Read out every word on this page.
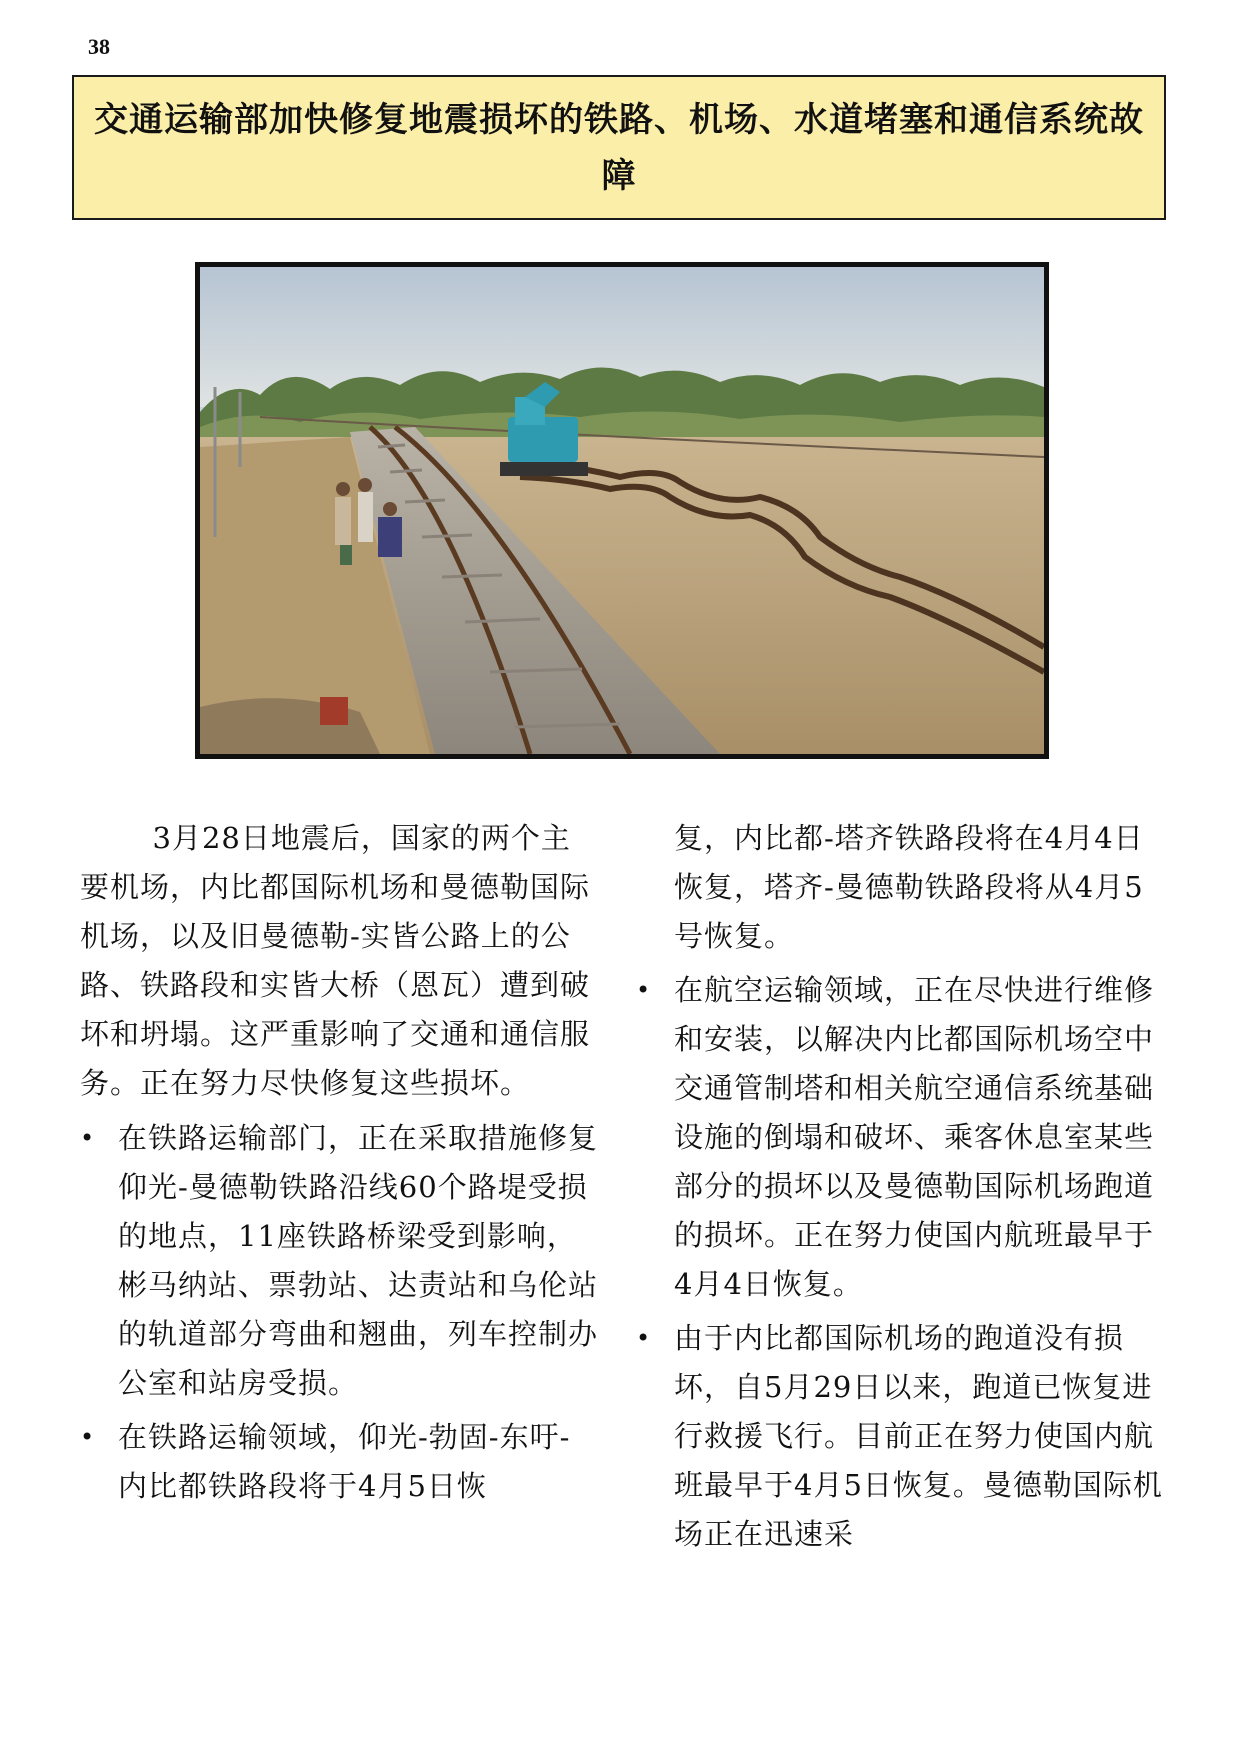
38
交通运输部加快修复地震损坏的铁路、机场、水道堵塞和通信系统故障

3月28日地震后，国家的两个主要机场，内比都国际机场和曼德勒国际机场，以及旧曼德勒-实皆公路上的公路、铁路段和实皆大桥（恩瓦）遭到破坏和坍塌。这严重影响了交通和通信服务。正在努力尽快修复这些损坏。

• 在铁路运输部门，正在采取措施修复仰光-曼德勒铁路沿线60个路堤受损的地点，11座铁路桥梁受到影响，彬马纳站、票勃站、达责站和乌伦站的轨道部分弯曲和翘曲，列车控制办公室和站房受损。
• 在铁路运输领域，仰光-勃固-东吁-内比都铁路段将于4月5日恢

复，内比都-塔齐铁路段将在4月4日恢复，塔齐-曼德勒铁路段将从4月5号恢复。

• 在航空运输领域，正在尽快进行维修和安装，以解决内比都国际机场空中交通管制塔和相关航空通信系统基础设施的倒塌和破坏、乘客休息室某些部分的损坏以及曼德勒国际机场跑道的损坏。正在努力使国内航班最早于4月4日恢复。
• 由于内比都国际机场的跑道没有损坏，自5月29日以来，跑道已恢复进行救援飞行。目前正在努力使国内航班最早于4月5日恢复。曼德勒国际机场正在迅速采
